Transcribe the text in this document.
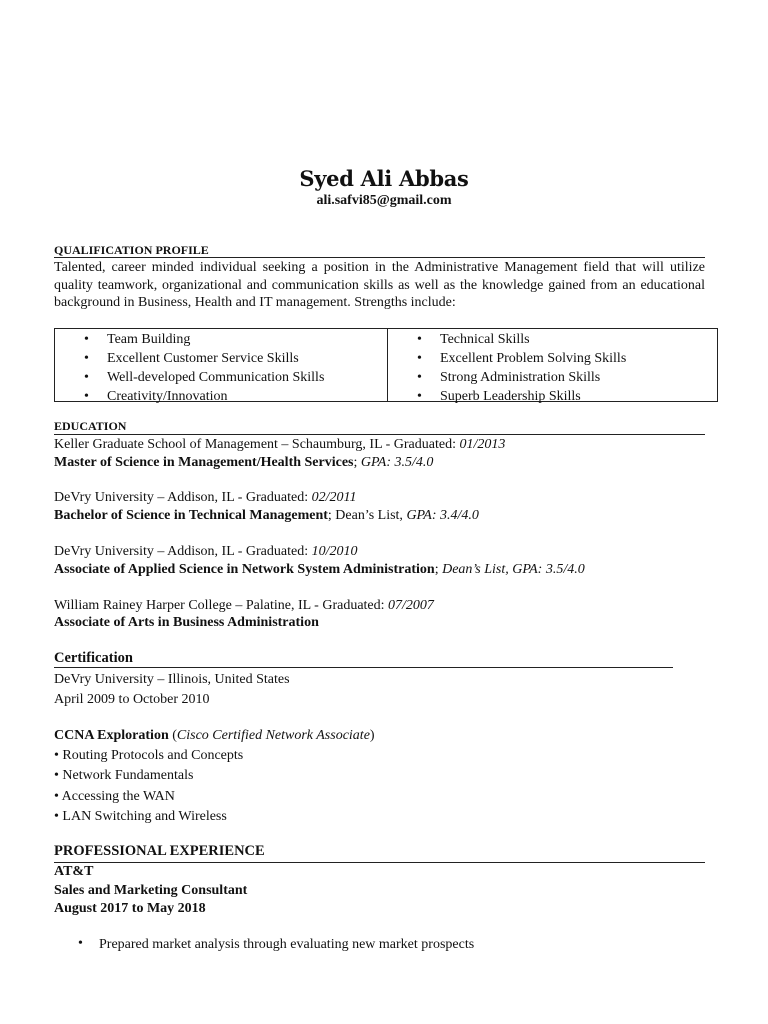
Syed Ali Abbas
ali.safvi85@gmail.com
QUALIFICATION PROFILE
Talented, career minded individual seeking a position in the Administrative Management field that will utilize quality teamwork, organizational and communication skills as well as the knowledge gained from an educational background in Business, Health and IT management. Strengths include:
• Team Building
• Excellent Customer Service Skills
• Well-developed Communication Skills
• Creativity/Innovation
• Technical Skills
• Excellent Problem Solving Skills
• Strong Administration Skills
• Superb Leadership Skills
EDUCATION
Keller Graduate School of Management – Schaumburg, IL - Graduated: 01/2013
Master of Science in Management/Health Services; GPA: 3.5/4.0
DeVry University – Addison, IL - Graduated: 02/2011
Bachelor of Science in Technical Management; Dean’s List, GPA: 3.4/4.0
DeVry University – Addison, IL - Graduated: 10/2010
Associate of Applied Science in Network System Administration; Dean’s List, GPA: 3.5/4.0
William Rainey Harper College – Palatine, IL - Graduated: 07/2007
Associate of Arts in Business Administration
Certification
DeVry University – Illinois, United States
April 2009 to October 2010
CCNA Exploration (Cisco Certified Network Associate)
• Routing Protocols and Concepts
• Network Fundamentals
• Accessing the WAN
• LAN Switching and Wireless
PROFESSIONAL EXPERIENCE
AT&T
Sales and Marketing Consultant
August 2017 to May 2018
• Prepared market analysis through evaluating new market prospects
